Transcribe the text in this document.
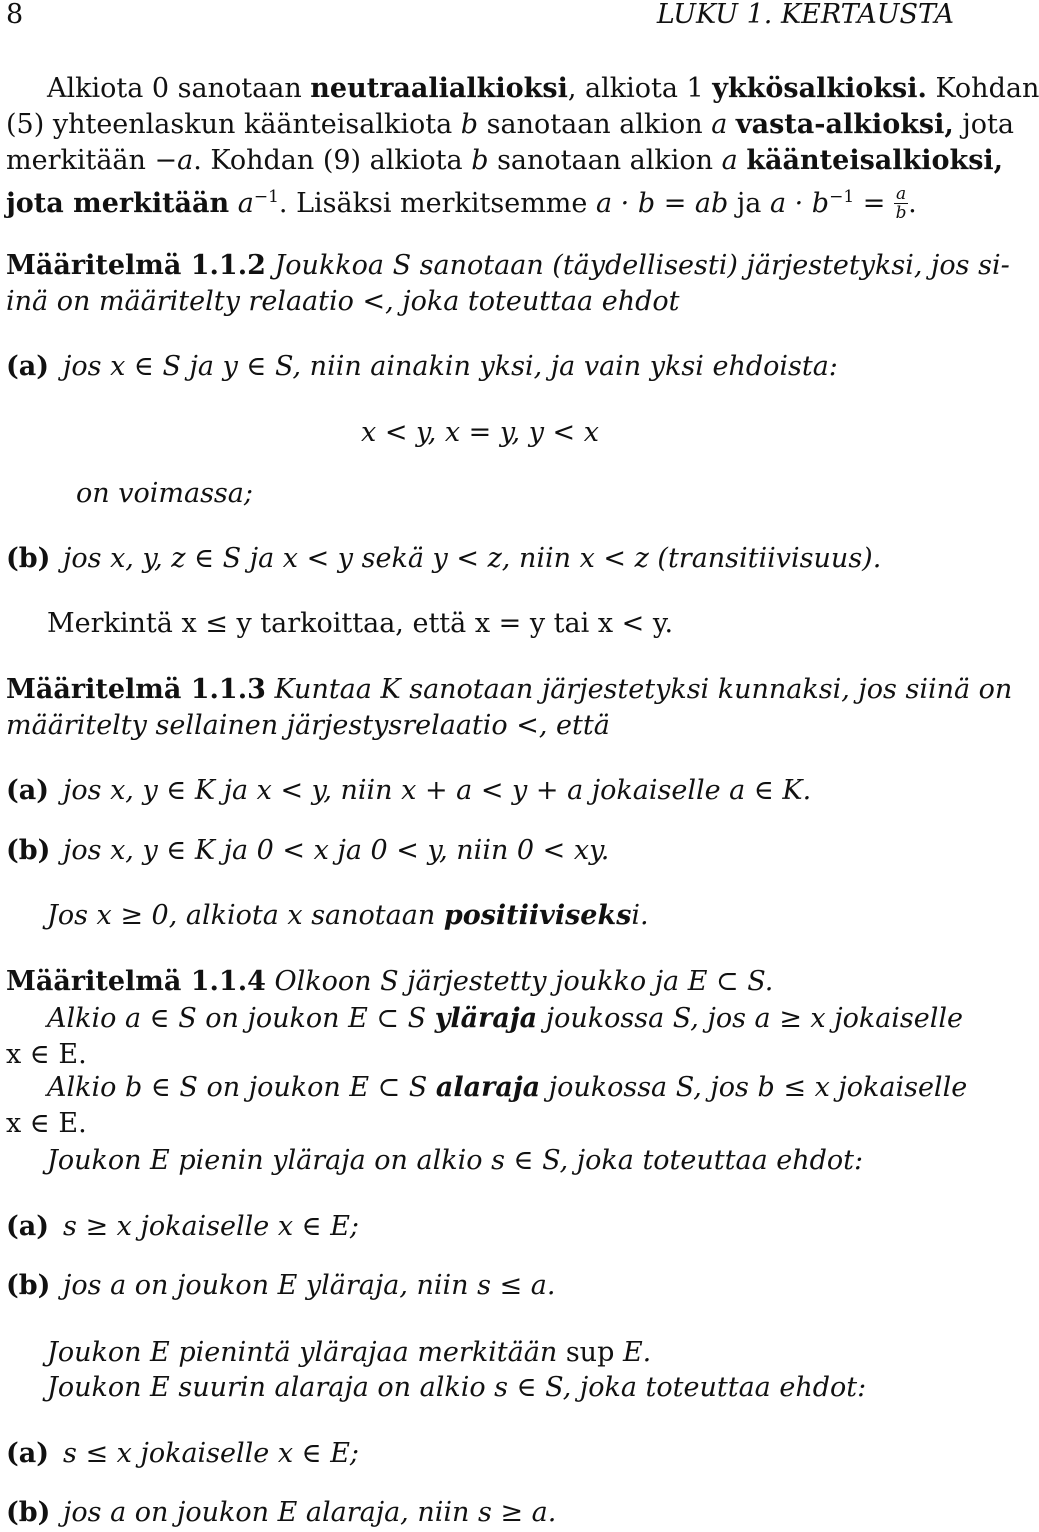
8	LUKU 1. KERTAUSTA
Alkiota 0 sanotaan neutraalialkioksi, alkiota 1 ykkösalkioksi. Kohdan
(5) yhteenlaskun käänteisalkiota b sanotaan alkion a vasta-alkioksi, jota
merkitään −a. Kohdan (9) alkiota b sanotaan alkion a käänteisalkioksi,
jota merkitään $a^{-1}$. Lisäksi merkitsemme a · b = ab ja $a \cdot b^{-1} = \frac{a}{b}$ .
Määritelmä 1.1.2 Joukkoa S sanotaan (täydellisesti) järjestetyksi, jos si-
inä on määritelty relaatio <, joka toteuttaa ehdot
(a) jos x ∈ S ja y ∈ S, niin ainakin yksi, ja vain yksi ehdoista:
x < y, x = y, y < x
on voimassa;
(b) jos x, y, z ∈ S ja x < y sekä y < z, niin x < z (transitiivisuus).
Merkintä x ≤ y tarkoittaa, että x = y tai x < y.
Määritelmä 1.1.3 Kuntaa K sanotaan järjestetyksi kunnaksi, jos siinä on
määritelty sellainen järjestysrelaatio <, että
(a) jos x, y ∈ K ja x < y, niin x + a < y + a jokaiselle a ∈ K.
(b) jos x, y ∈ K ja 0 < x ja 0 < y, niin 0 < xy.
Jos x ≥ 0, alkiota x sanotaan positiiviseksi.
Määritelmä 1.1.4 Olkoon S järjestetty joukko ja E ⊂ S.
Alkio a ∈ S on joukon E ⊂ S yläraja joukossa S, jos a ≥ x jokaiselle
x ∈ E.
Alkio b ∈ S on joukon E ⊂ S alaraja joukossa S, jos b ≤ x jokaiselle
x ∈ E.
Joukon E pienin yläraja on alkio s ∈ S, joka toteuttaa ehdot:
(a) s ≥ x jokaiselle x ∈ E;
(b) jos a on joukon E yläraja, niin s ≤ a.
Joukon E pienintä ylärajaa merkitään sup E.
Joukon E suurin alaraja on alkio s ∈ S, joka toteuttaa ehdot:
(a) s ≤ x jokaiselle x ∈ E;
(b) jos a on joukon E alaraja, niin s ≥ a.
